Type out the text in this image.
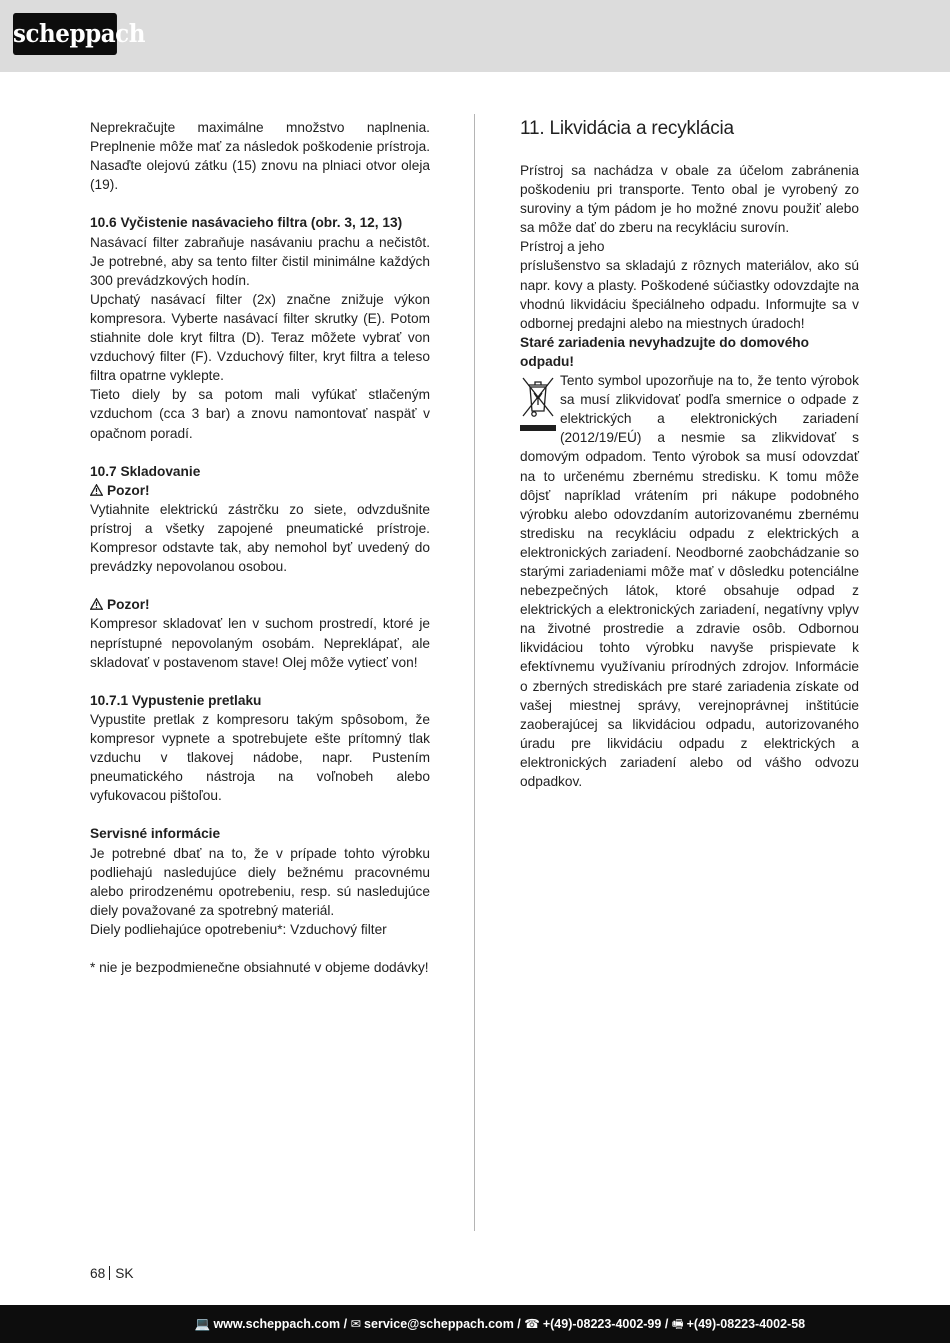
scheppach

Neprekračujte maximálne množstvo naplnenia. Preplnenie môže mať za následok poškodenie prístroja. Nasaďte olejovú zátku (15) znovu na plniaci otvor oleja (19).

10.6 Vyčistenie nasávacieho filtra (obr. 3, 12, 13)

Nasávací filter zabraňuje nasávaniu prachu a nečistôt. Je potrebné, aby sa tento filter čistil minimálne každých 300 prevádzkových hodín.

Upchatý nasávací filter (2x) značne znižuje výkon kompresora. Vyberte nasávací filter skrutky (E). Potom stiahnite dole kryt filtra (D). Teraz môžete vybrať von vzduchový filter (F). Vzduchový filter, kryt filtra a teleso filtra opatrne vyklepte.

Tieto diely by sa potom mali vyfúkať stlačeným vzduchom (cca 3 bar) a znovu namontovať naspäť v opačnom poradí.

10.7 Skladovanie
Pozor!

Vytiahnite elektrickú zástrčku zo siete, odvzdušnite prístroj a všetky zapojené pneumatické prístroje. Kompresor odstavte tak, aby nemohol byť uvedený do prevádzky nepovolanou osobou.

Pozor!

Kompresor skladovať len v suchom prostredí, ktoré je neprístupné nepovolaným osobám. Nepreklápať, ale skladovať v postavenom stave! Olej môže vytiecť von!

10.7.1 Vypustenie pretlaku

Vypustite pretlak z kompresoru takým spôsobom, že kompresor vypnete a spotrebujete ešte prítomný tlak vzduchu v tlakovej nádobe, napr. Pustením pneumatického nástroja na voľnobeh alebo vyfukovacou pištoľou.

Servisné informácie

Je potrebné dbať na to, že v prípade tohto výrobku podliehajú nasledujúce diely bežnému pracovnému alebo prirodzenému opotrebeniu, resp. sú nasledujúce diely považované za spotrebný materiál.

Diely podliehajúce opotrebeniu*: Vzduchový filter

* nie je bezpodmienečne obsiahnuté v objeme dodávky!

11. Likvidácia a recyklácia

Prístroj sa nachádza v obale za účelom zabránenia poškodeniu pri transporte. Tento obal je vyrobený zo suroviny a tým pádom je ho možné znovu použiť alebo sa môže dať do zberu na recykláciu surovín.

Prístroj a jeho

príslušenstvo sa skladajú z rôznych materiálov, ako sú napr. kovy a plasty. Poškodené súčiastky odovzdajte na vhodnú likvidáciu špeciálneho odpadu. Informujte sa v odbornej predajni alebo na miestnych úradoch!

Staré zariadenia nevyhadzujte do domového odpadu!

Tento symbol upozorňuje na to, že tento výrobok sa musí zlikvidovať podľa smernice o odpade z elektrických a elektronických zariadení (2012/19/EÚ) a nesmie sa zlikvidovať s domovým odpadom. Tento výrobok sa musí odovzdať na to určenému zbernému stredisku. K tomu môže dôjsť napríklad vrátením pri nákupe podobného výrobku alebo odovzdaním autorizovanému zbernému stredisku na recykláciu odpadu z elektrických a elektronických zariadení. Neodborné zaobchádzanie so starými zariadeniami môže mať v dôsledku potenciálne nebezpečných látok, ktoré obsahuje odpad z elektrických a elektronických zariadení, negatívny vplyv na životné prostredie a zdravie osôb. Odbornou likvidáciou tohto výrobku navyše prispievate k efektívnemu využívaniu prírodných zdrojov. Informácie o zberných strediskách pre staré zariadenia získate od vašej miestnej správy, verejnoprávnej inštitúcie zaoberajúcej sa likvidáciou odpadu, autorizovaného úradu pre likvidáciu odpadu z elektrických a elektronických zariadení alebo od vášho odvozu odpadkov.

68 SK
💻 www.scheppach.com / ✉ service@scheppach.com / ☎ +(49)-08223-4002-99 / 🖷 +(49)-08223-4002-58
